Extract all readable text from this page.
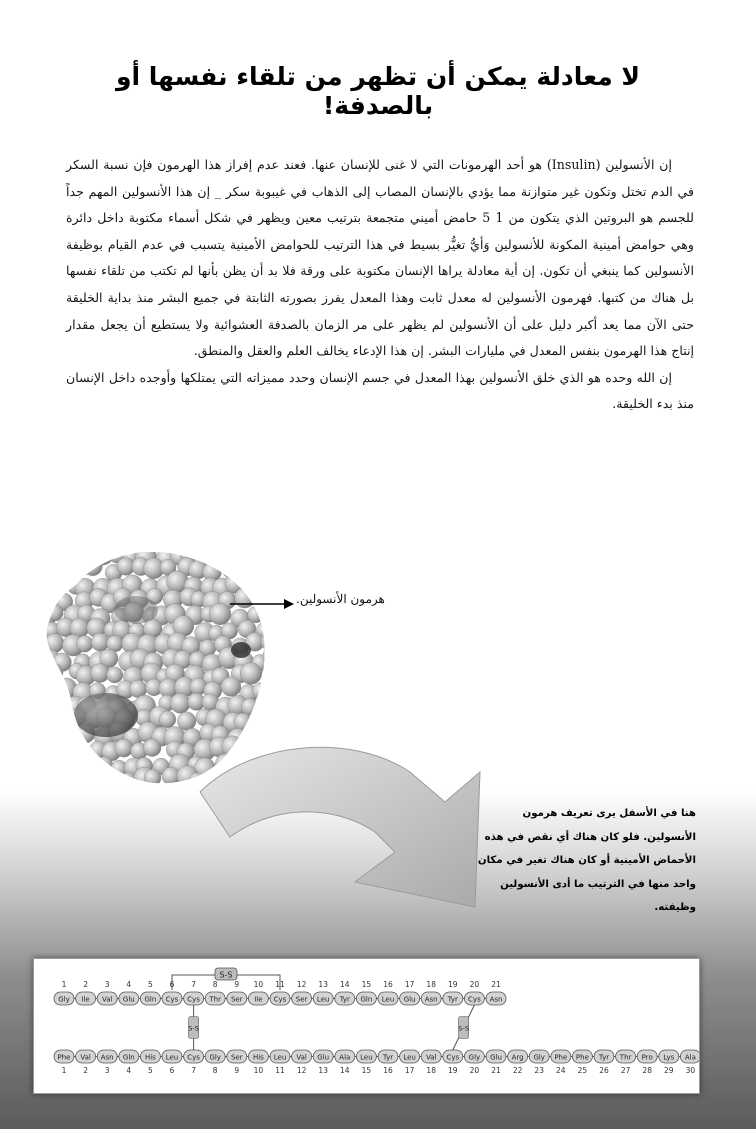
لا معادلة يمكن أن تظهر من تلقاء نفسها أو بالصدفة!

إن الأنسولين (Insulin) هو أحد الهرمونات التي لا غنى للإنسان عنها. فعند عدم إفراز هذا الهرمون فإن نسبة السكر في الدم تختل وتكون غير متوازنة مما يؤدي بالإنسان المصاب إلى الذهاب في غيبوبة سكر _ إن هذا الأنسولين المهم جداً للجسم هو البروتين الذي يتكون من 1 5 حامض أميني متجمعة بترتيب معين ويظهر في شكل أسماء مكتوبة داخل دائرة وهي حوامض أمينية المكونة للأنسولين وَأيُّ تغيُّر بسيط في هذا الترتيب للحوامض الأمينية يتسبب في عدم القيام بوظيفة الأنسولين كما ينبغي أن تكون. إن أية معادلة يراها الإنسان مكتوبة على ورقة فلا بد أن يظن بأنها لم تكتب من تلقاء نفسها بل هناك من كتبها. فهرمون الأنسولين له معدل ثابت وهذا المعدل يفرز بصورته الثابتة في جميع البشر منذ بداية الخليقة حتى الآن مما يعد أكبر دليل على أن الأنسولين لم يظهر على مر الزمان بالصدفة العشوائية ولا يستطيع أن يجعل مقدار إنتاج هذا الهرمون بنفس المعدل في مليارات البشر. إن هذا الإدعاء يخالف العلم والعقل والمنطق.

إن الله وحده هو الذي خلق الأنسولين بهذا المعدل في جسم الإنسان وحدد مميزاته التي يمتلكها وأوجده داخل الإنسان منذ بدء الخليقة.

هرمون الأنسولين.
هنا في الأسفل يرى تعريف هرمون الأنسولين. فلو كان هناك أي نقص في هذه الأحماض الأمينية أو كان هناك تغير في مكان واحد منها في الترتيب ما أدى الأنسولين وظيفته.
S-S
S-S	S-S
1
Gly
2
Ile
3
Val
4
Glu
5
Gln
6
Cys
7
Cys
8
Thr
9
Ser
10
Ile
11
Cys
12
Ser
13
Leu
14
Tyr
15
Gln
16
Leu
17
Glu
18
Asn
19
Tyr
20
Cys
21
Asn
Phe
1
Val
2
Asn
3
Gln
4
His
5
Leu
6
Cys
7
Gly
8
Ser
9
His
10
Leu
11
Val
12
Glu
13
Ala
14
Leu
15
Tyr
16
Leu
17
Val
18
Cys
19
Gly
20
Glu
21
Arg
22
Gly
23
Phe
24
Phe
25
Tyr
26
Thr
27
Pro
28
Lys
29
Ala
30
